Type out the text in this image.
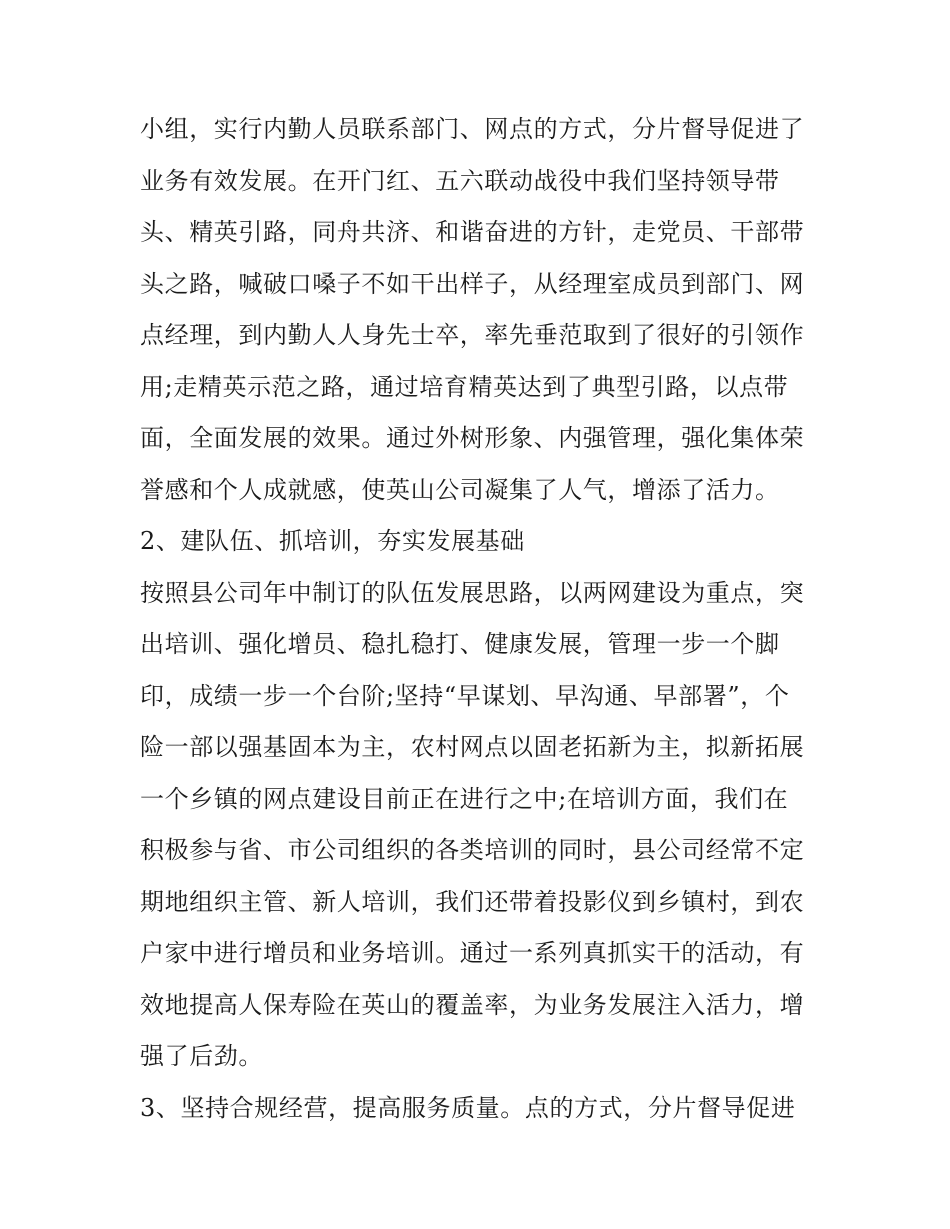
小组，实行内勤人员联系部门、网点的方式，分片督导促进了
业务有效发展。在开门红、五六联动战役中我们坚持领导带
头、精英引路，同舟共济、和谐奋进的方针，走党员、干部带
头之路，喊破口嗓子不如干出样子，从经理室成员到部门、网
点经理，到内勤人人身先士卒，率先垂范取到了很好的引领作
用;走精英示范之路，通过培育精英达到了典型引路，以点带
面，全面发展的效果。通过外树形象、内强管理，强化集体荣
誉感和个人成就感，使英山公司凝集了人气，增添了活力。
2、建队伍、抓培训，夯实发展基础
按照县公司年中制订的队伍发展思路，以两网建设为重点，突
出培训、强化增员、稳扎稳打、健康发展，管理一步一个脚
印，成绩一步一个台阶;坚持“早谋划、早沟通、早部署”，个
险一部以强基固本为主，农村网点以固老拓新为主，拟新拓展
一个乡镇的网点建设目前正在进行之中;在培训方面，我们在
积极参与省、市公司组织的各类培训的同时，县公司经常不定
期地组织主管、新人培训，我们还带着投影仪到乡镇村，到农
户家中进行增员和业务培训。通过一系列真抓实干的活动，有
效地提高人保寿险在英山的覆盖率，为业务发展注入活力，增
强了后劲。
3、坚持合规经营，提高服务质量。点的方式，分片督导促进
